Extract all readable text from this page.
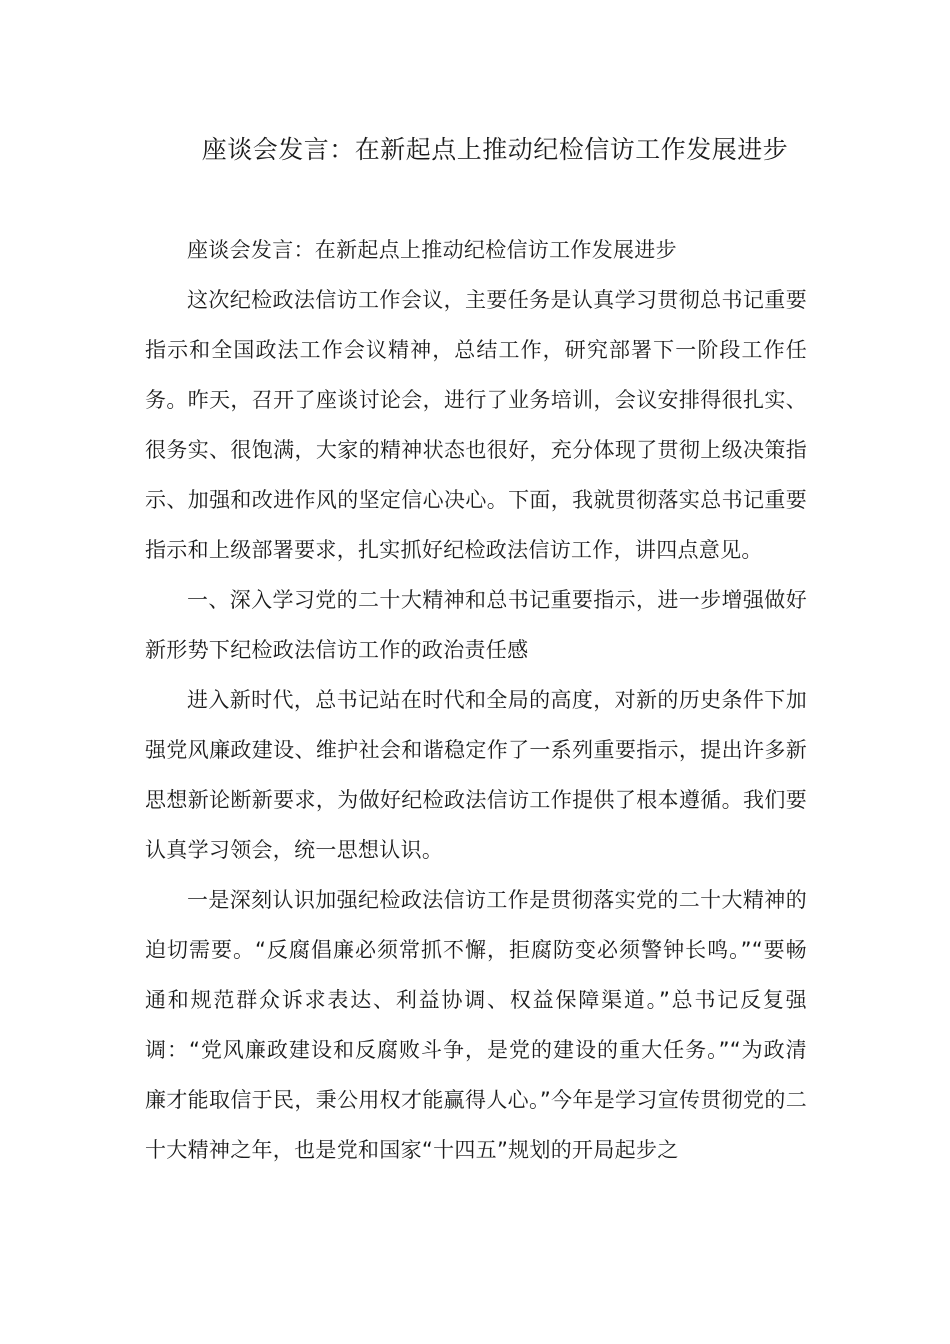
座谈会发言：在新起点上推动纪检信访工作发展进步

座谈会发言：在新起点上推动纪检信访工作发展进步

这次纪检政法信访工作会议，主要任务是认真学习贯彻总书记重要指示和全国政法工作会议精神，总结工作，研究部署下一阶段工作任务。昨天，召开了座谈讨论会，进行了业务培训，会议安排得很扎实、很务实、很饱满，大家的精神状态也很好，充分体现了贯彻上级决策指示、加强和改进作风的坚定信心决心。下面，我就贯彻落实总书记重要指示和上级部署要求，扎实抓好纪检政法信访工作，讲四点意见。

一、深入学习党的二十大精神和总书记重要指示，进一步增强做好新形势下纪检政法信访工作的政治责任感

进入新时代，总书记站在时代和全局的高度，对新的历史条件下加强党风廉政建设、维护社会和谐稳定作了一系列重要指示，提出许多新思想新论断新要求，为做好纪检政法信访工作提供了根本遵循。我们要认真学习领会，统一思想认识。

一是深刻认识加强纪检政法信访工作是贯彻落实党的二十大精神的迫切需要。“反腐倡廉必须常抓不懈，拒腐防变必须警钟长鸣。”“要畅通和规范群众诉求表达、利益协调、权益保障渠道。”总书记反复强调：“党风廉政建设和反腐败斗争，是党的建设的重大任务。”“为政清廉才能取信于民，秉公用权才能赢得人心。”今年是学习宣传贯彻党的二十大精神之年，也是党和国家“十四五”规划的开局起步之
